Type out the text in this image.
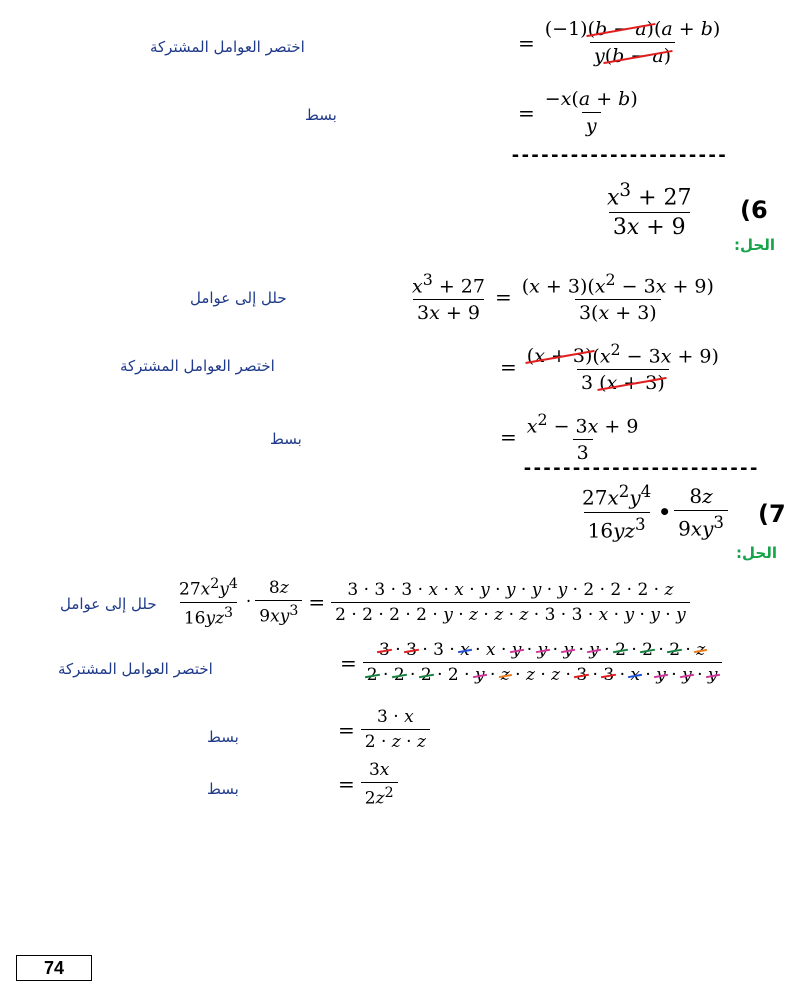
اختصر العوامل المشتركة	= $\frac{(-1)(b - a)(a + b)}{y(b - a)}$
بسط	= $\frac{-x(a + b)}{y}$
----------------------
$\frac{x^3 + 27}{3x + 9} (6$
الحل:
حلل إلى عوامل	$\frac{x^3 + 27}{3x + 9} = \frac{(x + 3)(x^2 - 3x + 9)}{3(x + 3)}$
اختصر العوامل المشتركة	= $\frac{(x + 3)(x^2 - 3x + 9)}{3 (x + 3)}$
بسط	= $\frac{x^2 - 3x + 9}{3}$
------------------------
$\frac{27x^2y^4}{16yz^3}$ • $\frac{8z}{9xy^3} (7$
الحل:
حلل إلى عوامل $\frac{27x^2y^4}{16yz^3} \cdot \frac{8z}{9xy^3} = \frac{3 \cdot 3 \cdot 3 \cdot x \cdot x \cdot y \cdot y \cdot y \cdot y \cdot 2 \cdot 2 \cdot 2 \cdot z}{2 \cdot 2 \cdot 2 \cdot 2 \cdot y \cdot z \cdot z \cdot z \cdot 3 \cdot 3 \cdot x \cdot y \cdot y \cdot y}$
اختصر العوامل المشتركة	= $\frac{3 \cdot 3 \cdot 3 \cdot x \cdot x \cdot y \cdot y \cdot y \cdot y \cdot 2 \cdot 2 \cdot 2 \cdot z}{2 \cdot 2 \cdot 2 \cdot 2 \cdot y \cdot z \cdot z \cdot z \cdot 3 \cdot 3 \cdot x \cdot y \cdot y \cdot y}$
بسط	= $\frac{3 \cdot x}{2 \cdot z \cdot z}$
بسط	= $\frac{3x}{2z^2}$
74
